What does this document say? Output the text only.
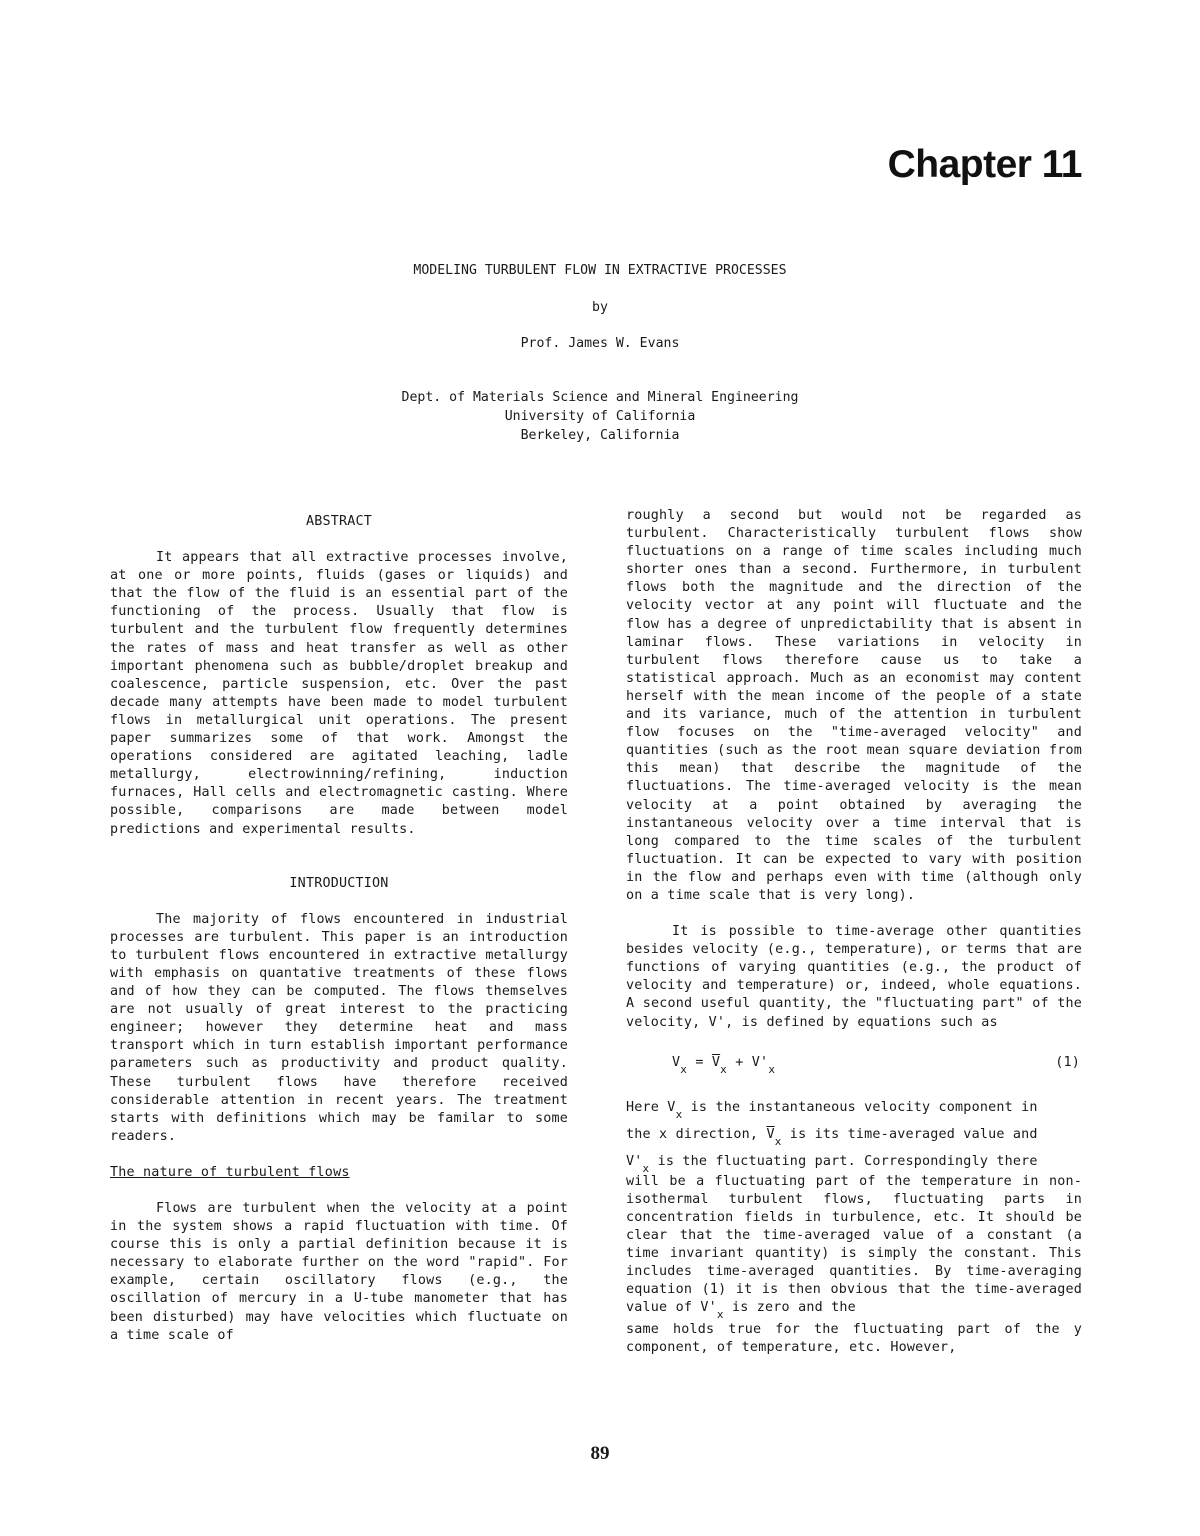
Chapter 11
MODELING TURBULENT FLOW IN EXTRACTIVE PROCESSES
by
Prof. James W. Evans
Dept. of Materials Science and Mineral Engineering
University of California
Berkeley, California

ABSTRACT

It appears that all extractive processes involve, at one or more points, fluids (gases or liquids) and that the flow of the fluid is an essential part of the functioning of the process. Usually that flow is turbulent and the turbulent flow frequently determines the rates of mass and heat transfer as well as other important phenomena such as bubble/droplet breakup and coalescence, particle suspension, etc. Over the past decade many attempts have been made to model turbulent flows in metallurgical unit operations. The present paper summarizes some of that work. Amongst the operations considered are agitated leaching, ladle metallurgy, electrowinning/refining, induction furnaces, Hall cells and electromagnetic casting. Where possible, comparisons are made between model predictions and experimental results.

INTRODUCTION

The majority of flows encountered in industrial processes are turbulent. This paper is an introduction to turbulent flows encountered in extractive metallurgy with emphasis on quantative treatments of these flows and of how they can be computed. The flows themselves are not usually of great interest to the practicing engineer; however they determine heat and mass transport which in turn establish important performance parameters such as productivity and product quality. These turbulent flows have therefore received considerable attention in recent years. The treatment starts with definitions which may be familar to some readers.

The nature of turbulent flows

Flows are turbulent when the velocity at a point in the system shows a rapid fluctuation with time. Of course this is only a partial definition because it is necessary to elaborate further on the word "rapid". For example, certain oscillatory flows (e.g., the oscillation of mercury in a U-tube manometer that has been disturbed) may have velocities which fluctuate on a time scale of

roughly a second but would not be regarded as turbulent. Characteristically turbulent flows show fluctuations on a range of time scales including much shorter ones than a second. Furthermore, in turbulent flows both the magnitude and the direction of the velocity vector at any point will fluctuate and the flow has a degree of unpredictability that is absent in laminar flows. These variations in velocity in turbulent flows therefore cause us to take a statistical approach. Much as an economist may content herself with the mean income of the people of a state and its variance, much of the attention in turbulent flow focuses on the "time-averaged velocity" and quantities (such as the root mean square deviation from this mean) that describe the magnitude of the fluctuations. The time-averaged velocity is the mean velocity at a point obtained by averaging the instantaneous velocity over a time interval that is long compared to the time scales of the turbulent fluctuation. It can be expected to vary with position in the flow and perhaps even with time (although only on a time scale that is very long).

It is possible to time-average other quantities besides velocity (e.g., temperature), or terms that are functions of varying quantities (e.g., the product of velocity and temperature) or, indeed, whole equations. A second useful quantity, the "fluctuating part" of the velocity, V', is defined by equations such as

$V_x = \overline{V}_x + V'_x$	(1)

Here $V_x$ is the instantaneous velocity component in
the x direction, $\overline{V}_x$ is its time-averaged value and
$V'_x$ is the fluctuating part. Correspondingly there

will be a fluctuating part of the temperature in non-isothermal turbulent flows, fluctuating parts in concentration fields in turbulence, etc. It should be clear that the time-averaged value of a constant (a time invariant quantity) is simply the constant. This includes time-averaged quantities. By time-averaging equation (1) it is then obvious that the time-averaged value of $V'_x$ is zero and the

same holds true for the fluctuating part of the y component, of temperature, etc. However,

89
